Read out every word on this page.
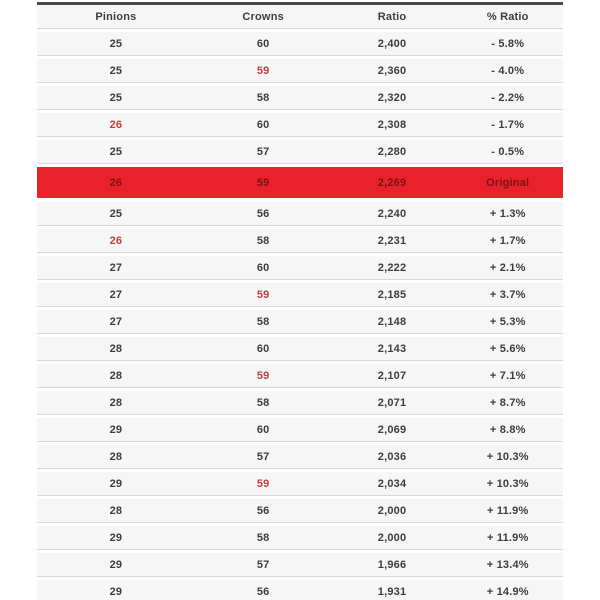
Pinions	Crowns	Ratio	% Ratio
25	60	2,400	- 5.8%
25	59	2,360	- 4.0%
25	58	2,320	- 2.2%
26	60	2,308	- 1.7%
25	57	2,280	- 0.5%
26	59	2,269	Original
25	56	2,240	+ 1.3%
26	58	2,231	+ 1.7%
27	60	2,222	+ 2.1%
27	59	2,185	+ 3.7%
27	58	2,148	+ 5.3%
28	60	2,143	+ 5.6%
28	59	2,107	+ 7.1%
28	58	2,071	+ 8.7%
29	60	2,069	+ 8.8%
28	57	2,036	+ 10.3%
29	59	2,034	+ 10.3%
28	56	2,000	+ 11.9%
29	58	2,000	+ 11.9%
29	57	1,966	+ 13.4%
29	56	1,931	+ 14.9%
